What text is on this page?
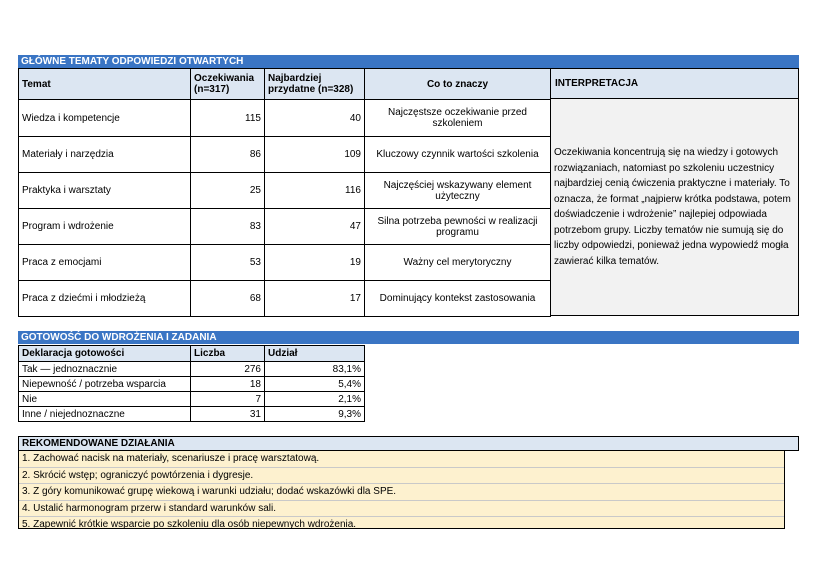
GŁÓWNE TEMATY ODPOWIEDZI OTWARTYCH
Temat	Oczekiwania (n=317)	Najbardziej przydatne (n=328)	Co to znaczy
Wiedza i kompetencje	115	40	Najczęstsze oczekiwanie przed szkoleniem
Materiały i narzędzia	86	109	Kluczowy czynnik wartości szkolenia
Praktyka i warsztaty	25	116	Najczęściej wskazywany element użyteczny
Program i wdrożenie	83	47	Silna potrzeba pewności w realizacji programu
Praca z emocjami	53	19	Ważny cel merytoryczny
Praca z dziećmi i młodzieżą	68	17	Dominujący kontekst zastosowania
INTERPRETACJA
Oczekiwania koncentrują się na wiedzy i gotowych rozwiązaniach, natomiast po szkoleniu uczestnicy najbardziej cenią ćwiczenia praktyczne i materiały. To oznacza, że format „najpierw krótka podstawa, potem doświadczenie i wdrożenie” najlepiej odpowiada potrzebom grupy. Liczby tematów nie sumują się do liczby odpowiedzi, ponieważ jedna wypowiedź mogła zawierać kilka tematów.
GOTOWOŚĆ DO WDROŻENIA I ZADANIA
Deklaracja gotowości	Liczba	Udział
Tak — jednoznacznie	276	83,1%
Niepewność / potrzeba wsparcia	18	5,4%
Nie	7	2,1%
Inne / niejednoznaczne	31	9,3%
REKOMENDOWANE DZIAŁANIA
1. Zachować nacisk na materiały, scenariusze i pracę warsztatową.
2. Skrócić wstęp; ograniczyć powtórzenia i dygresje.
3. Z góry komunikować grupę wiekową i warunki udziału; dodać wskazówki dla SPE.
4. Ustalić harmonogram przerw i standard warunków sali.
5. Zapewnić krótkie wsparcie po szkoleniu dla osób niepewnych wdrożenia.
